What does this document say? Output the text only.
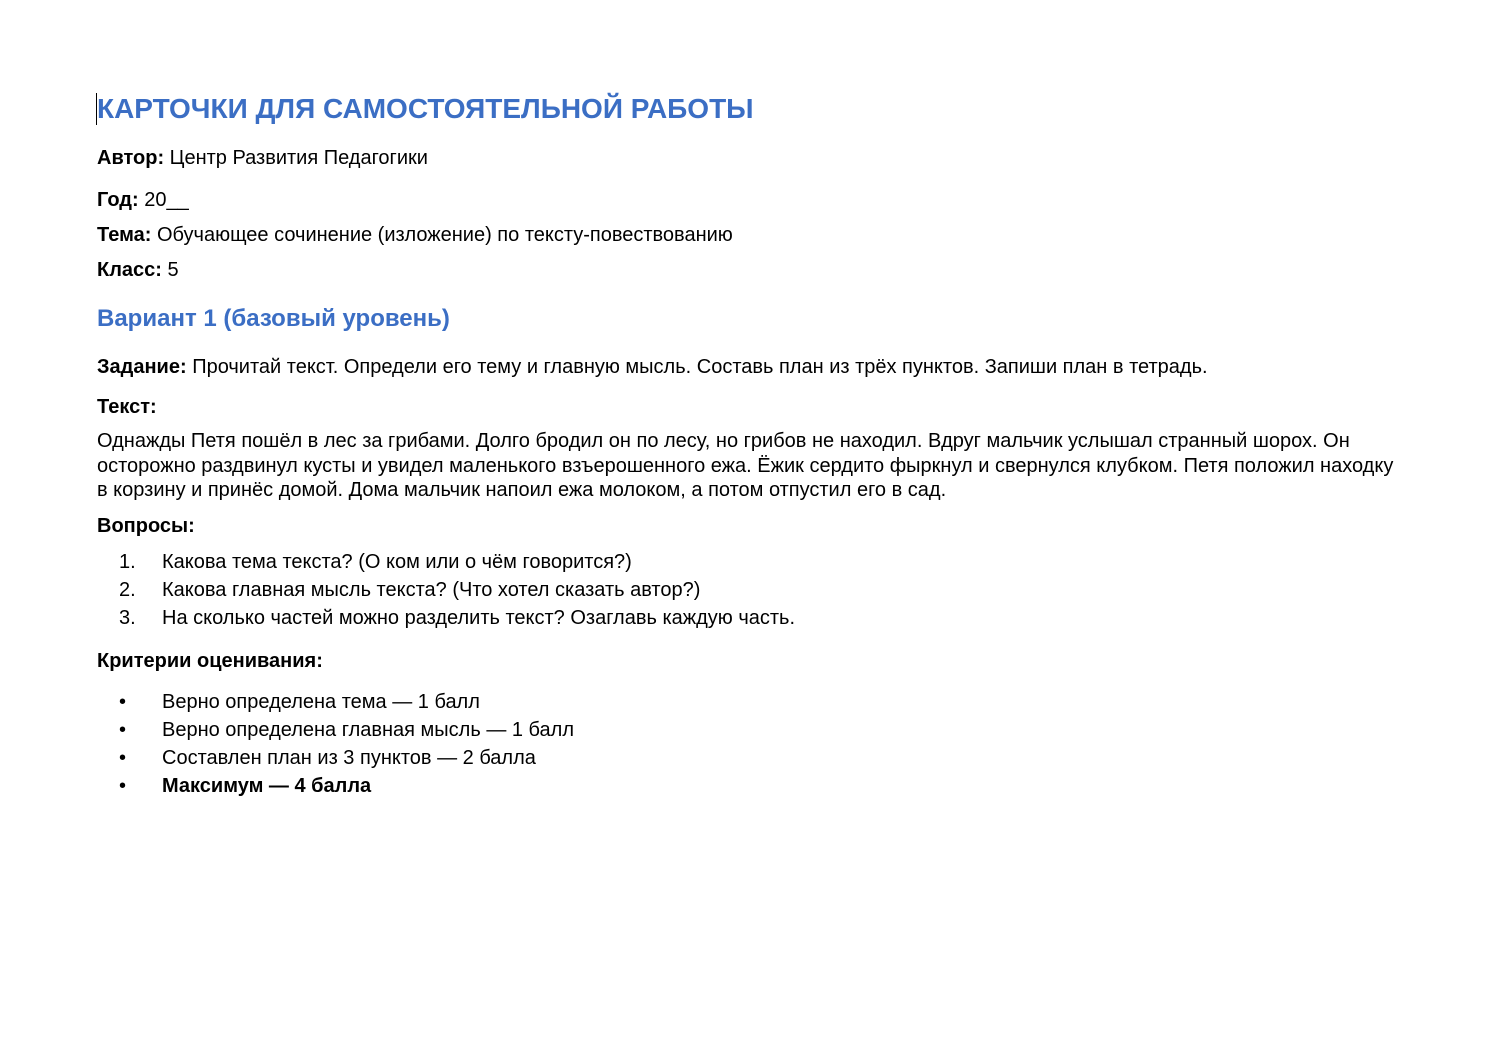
КАРТОЧКИ ДЛЯ САМОСТОЯТЕЛЬНОЙ РАБОТЫ

Автор: Центр Развития Педагогики

Год: 20__

Тема: Обучающее сочинение (изложение) по тексту-повествованию

Класс: 5

Вариант 1 (базовый уровень)

Задание: Прочитай текст. Определи его тему и главную мысль. Составь план из трёх пунктов. Запиши план в тетрадь.

Текст:

Однажды Петя пошёл в лес за грибами. Долго бродил он по лесу, но грибов не находил. Вдруг мальчик услышал странный шорох. Он осторожно раздвинул кусты и увидел маленького взъерошенного ежа. Ёжик сердито фыркнул и свернулся клубком. Петя положил находку в корзину и принёс домой. Дома мальчик напоил ежа молоком, а потом отпустил его в сад.

Вопросы:

1. Какова тема текста? (О ком или о чём говорится?)
2. Какова главная мысль текста? (Что хотел сказать автор?)
3. На сколько частей можно разделить текст? Озаглавь каждую часть.

Критерии оценивания:

• Верно определена тема — 1 балл
• Верно определена главная мысль — 1 балл
• Составлен план из 3 пунктов — 2 балла
• Максимум — 4 балла
